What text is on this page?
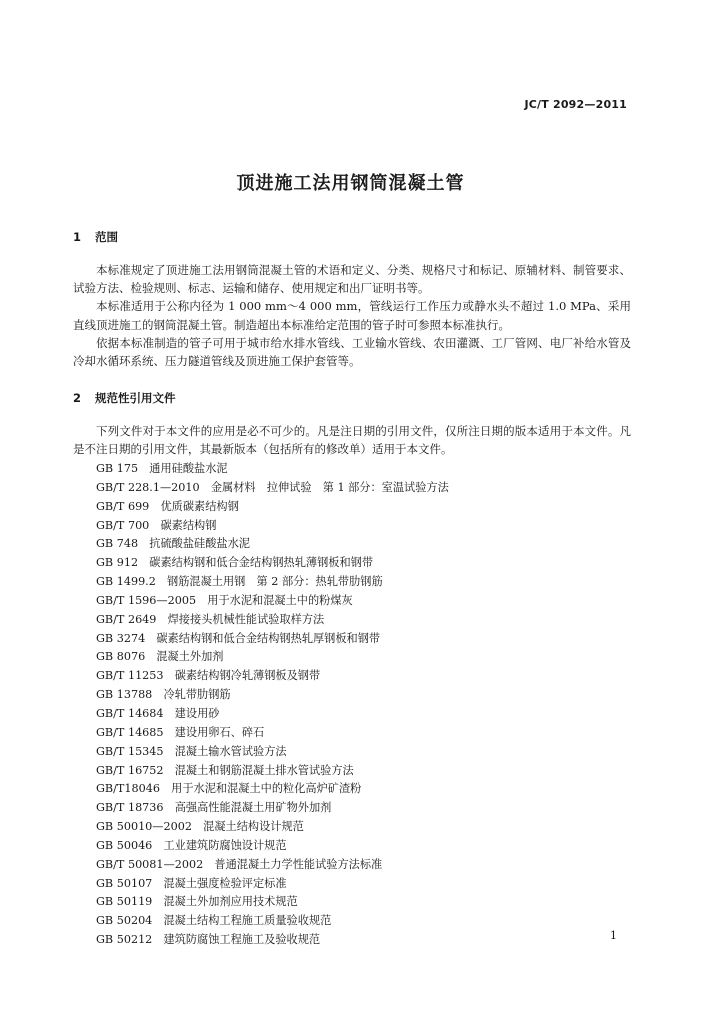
JC/T 2092—2011
顶进施工法用钢筒混凝土管
1 范围

本标准规定了顶进施工法用钢筒混凝土管的术语和定义、分类、规格尺寸和标记、原辅材料、制管要求、试验方法、检验规则、标志、运输和储存、使用规定和出厂证明书等。

本标准适用于公称内径为 1 000 mm～4 000 mm，管线运行工作压力或静水头不超过 1.0 MPa、采用直线顶进施工的钢筒混凝土管。制造超出本标准给定范围的管子时可参照本标准执行。

依据本标准制造的管子可用于城市给水排水管线、工业输水管线、农田灌溉、工厂管网、电厂补给水管及冷却水循环系统、压力隧道管线及顶进施工保护套管等。

2 规范性引用文件

下列文件对于本文件的应用是必不可少的。凡是注日期的引用文件，仅所注日期的版本适用于本文件。凡是不注日期的引用文件，其最新版本（包括所有的修改单）适用于本文件。

GB 175　通用硅酸盐水泥
GB/T 228.1—2010　金属材料　拉伸试验　第 1 部分：室温试验方法
GB/T 699　优质碳素结构钢
GB/T 700　碳素结构钢
GB 748　抗硫酸盐硅酸盐水泥
GB 912　碳素结构钢和低合金结构钢热轧薄钢板和钢带
GB 1499.2　钢筋混凝土用钢　第 2 部分：热轧带肋钢筋
GB/T 1596—2005　用于水泥和混凝土中的粉煤灰
GB/T 2649　焊接接头机械性能试验取样方法
GB 3274　碳素结构钢和低合金结构钢热轧厚钢板和钢带
GB 8076　混凝土外加剂
GB/T 11253　碳素结构钢冷轧薄钢板及钢带
GB 13788　冷轧带肋钢筋
GB/T 14684　建设用砂
GB/T 14685　建设用卵石、碎石
GB/T 15345　混凝土输水管试验方法
GB/T 16752　混凝土和钢筋混凝土排水管试验方法
GB/T18046　用于水泥和混凝土中的粒化高炉矿渣粉
GB/T 18736　高强高性能混凝土用矿物外加剂
GB 50010—2002　混凝土结构设计规范
GB 50046　工业建筑防腐蚀设计规范
GB/T 50081—2002　普通混凝土力学性能试验方法标准
GB 50107　混凝土强度检验评定标准
GB 50119　混凝土外加剂应用技术规范
GB 50204　混凝土结构工程施工质量验收规范
GB 50212　建筑防腐蚀工程施工及验收规范	1
